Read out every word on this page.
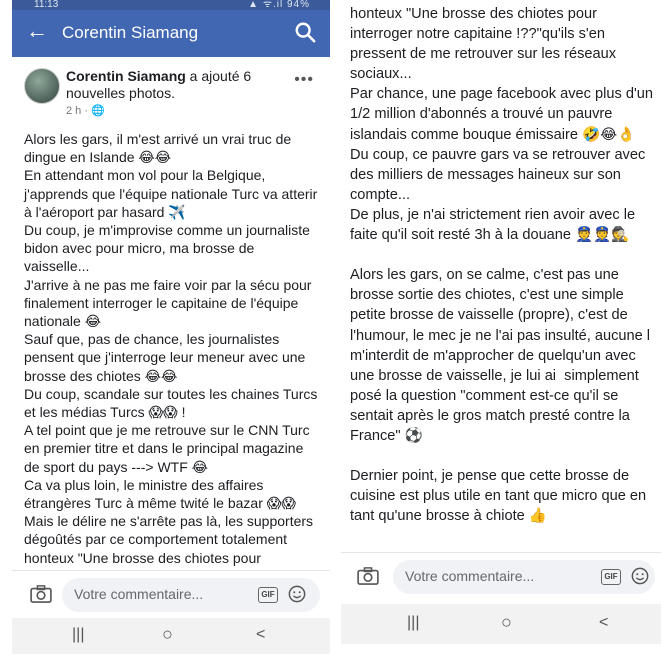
11:13	▲ ᯤ.il 94%
← Corentin Siamang
Corentin Siamang a ajouté 6 nouvelles photos.
2 h · 🌐
•••
Alors les gars, il m'est arrivé un vrai truc de
dingue en Islande 😂😂
En attendant mon vol pour la Belgique,
j'apprends que l'équipe nationale Turc va atterir
à l'aéroport par hasard ✈️
Du coup, je m'improvise comme un journaliste
bidon avec pour micro, ma brosse de
vaisselle...
J'arrive à ne pas me faire voir par la sécu pour
finalement interroger le capitaine de l'équipe
nationale 😂
Sauf que, pas de chance, les journalistes
pensent que j'interroge leur meneur avec une
brosse des chiotes 😂😂
Du coup, scandale sur toutes les chaines Turcs
et les médias Turcs 😱😱 !
A tel point que je me retrouve sur le CNN Turc
en premier titre et dans le principal magazine
de sport du pays ---> WTF 😂
Ca va plus loin, le ministre des affaires
étrangères Turc à même twité le bazar 😱😱
Mais le délire ne s'arrête pas là, les supporters
dégoûtés par ce comportement totalement
honteux "Une brosse des chiotes pour
Votre commentaire...	GIF
|||	○	<
honteux "Une brosse des chiotes pour
interroger notre capitaine !??"qu'ils s'en
pressent de me retrouver sur les réseaux
sociaux...
Par chance, une page facebook avec plus d'un
1/2 million d'abonnés a trouvé un pauvre
islandais comme bouque émissaire 🤣😂👌
Du coup, ce pauvre gars va se retrouver avec
des milliers de messages haineux sur son
compte...
De plus, je n'ai strictement rien avoir avec le
faite qu'il soit resté 3h à la douane 👮👮🕵️

Alors les gars, on se calme, c'est pas une
brosse sortie des chiotes, c'est une simple
petite brosse de vaisselle (propre), c'est de
l'humour, le mec je ne l'ai pas insulté, aucune l
m'interdit de m'approcher de quelqu'un avec
une brosse de vaisselle, je lui ai  simplement
posé la question "comment est-ce qu'il se
sentait après le gros match presté contre la
France" ⚽

Dernier point, je pense que cette brosse de
cuisine est plus utile en tant que micro que en
tant qu'une brosse à chiote 👍
Votre commentaire...	GIF
|||	○	<
